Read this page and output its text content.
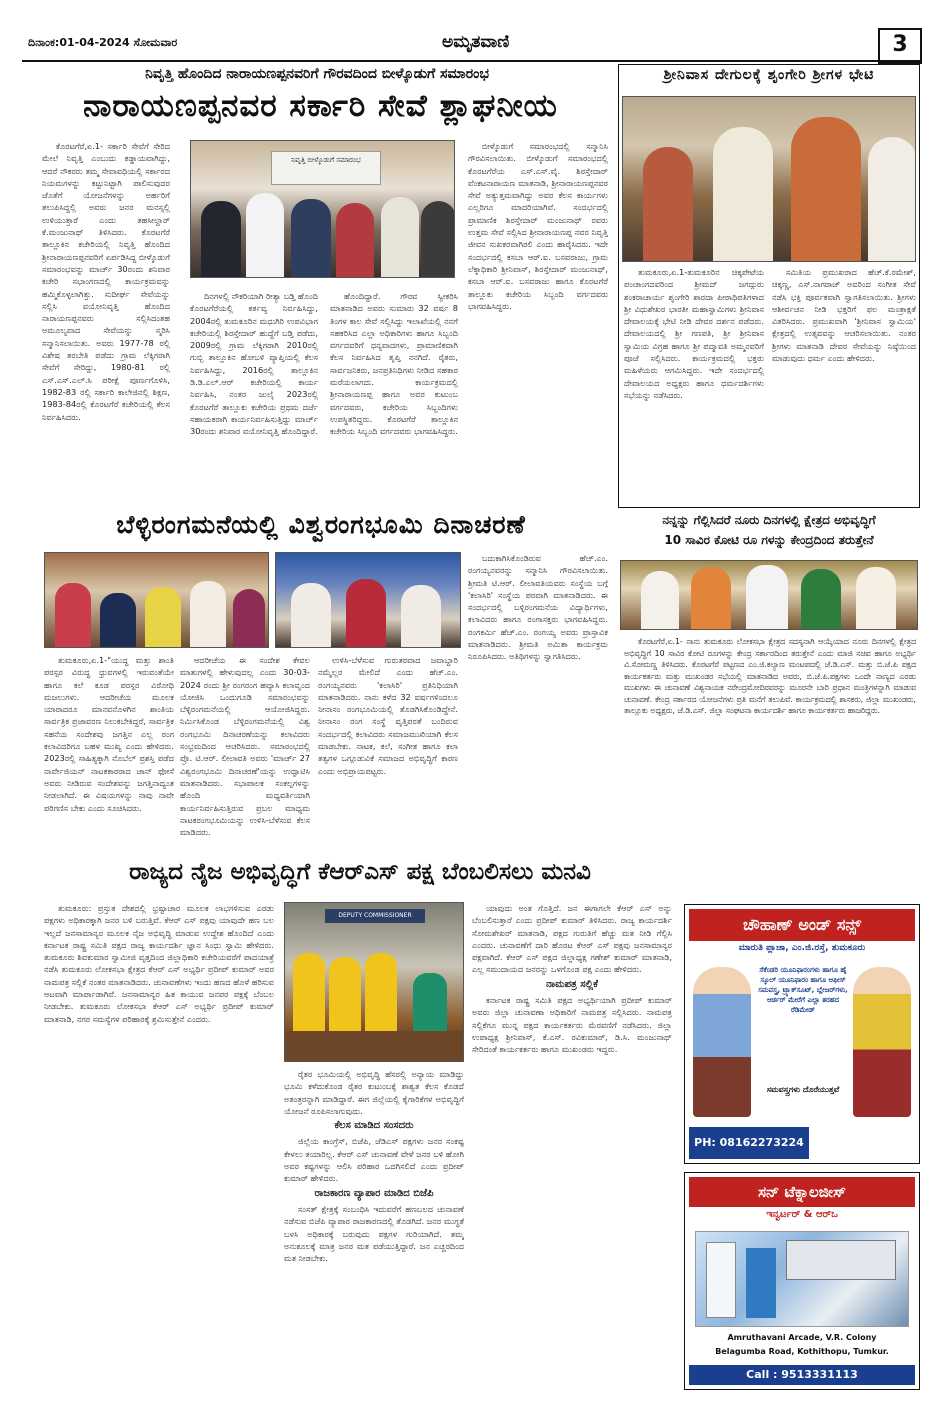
ದಿನಾಂಕ:01-04-2024 ಸೋಮವಾರ	ಅಮೃತವಾಣಿ	3
ನಿವೃತ್ತಿ ಹೊಂದಿದ ನಾರಾಯಣಪ್ಪನವರಿಗೆ ಗೌರವದಿಂದ ಬೀಳ್ಕೊಡುಗೆ ಸಮಾರಂಭ
ನಾರಾಯಣಪ್ಪನವರ ಸರ್ಕಾರಿ ಸೇವೆ ಶ್ಲಾಘನೀಯ

ಕೊರಟಗೆರೆ,ಏ.1- ಸರ್ಕಾರಿ ಸೇವೆಗೆ ಸೇರಿದ ಮೇಲೆ ನಿವೃತ್ತಿ ಎಂಬುದು ಕಡ್ಡಾಯವಾಗಿದ್ದು, ಆದರೆ ನೌಕರರು ತಮ್ಮ ಸೇವಾವಧಿಯಲ್ಲಿ ಸರ್ಕಾರದ ನಿಯಮಗಳನ್ನು ಕಟ್ಟುನಿಟ್ಟಾಗಿ ಪಾಲಿಸುವುದರ ಜೊತೆಗೆ ಯೋಜನೆಗಳನ್ನು ಅರ್ಹರಿಗೆ ತಲುಪಿಸಿದ್ದಲ್ಲಿ ಅವರು ಜನರ ಮನಸ್ಸಲ್ಲಿ ಉಳಿಯುತ್ತಾರೆ ಎಂದು ತಹಸೀಲ್ದಾರ್ ಕೆ.ಮಂಜುನಾಥ್ ತಿಳಿಸಿದರು. ಕೊರಟಗೆರೆ ತಾಲ್ಲೂಕಿನ ಕಚೇರಿಯಲ್ಲಿ ನಿವೃತ್ತಿ ಹೊಂದಿದ ಶ್ರೀನಾರಾಯಣಪ್ಪನವರಿಗೆ ಏರ್ಪಡಿಸಿದ್ದ ಬೀಳ್ಕೊಡುಗೆ ಸಮಾರಂಭವನ್ನು ಮಾರ್ಚ್ 30ರಂದು ಶನಿವಾರ ಕಚೇರಿ ಸಭಾಂಗಣದಲ್ಲಿ ಕಾರ್ಯಕ್ರಮವನ್ನು ಹಮ್ಮಿಕೊಳ್ಳಲಾಗಿತ್ತು. ಸುದೀರ್ಘ ಸೇವೆಯನ್ನು ಸಲ್ಲಿಸಿ ವಯೋನಿವೃತ್ತಿ ಹೊಂದಿದ ನಾರಾಯಣಪ್ಪನವರು ಸಲ್ಲಿಸಿದಂತಹ ಅಮೂಲ್ಯವಾದ ಸೇವೆಯನ್ನು ಸ್ಮರಿಸಿ ಸನ್ಮಾನಿಸಲಾಯಿತು. ಅವರು 1977-78 ರಲ್ಲಿ ವಿಶೇಷ ತರಬೇತಿ ಪಡೆದು ಗ್ರಾಮ ಲೆಕ್ಕಿಗರಾಗಿ ಸೇವೆಗೆ ಸೇರಿದ್ದು, 1980-81 ರಲ್ಲಿ ಎಸ್.ಎಸ್.ಎಲ್.ಸಿ ಪರೀಕ್ಷೆ ಪೂರ್ಣಗೊಳಿಸಿ, 1982-83 ರಲ್ಲಿ ಸರ್ಕಾರಿ ಕಾಲೇಜಿನಲ್ಲಿ ಶಿಕ್ಷಣ, 1983-84ರಲ್ಲಿ ಕೊರಟಗೆರೆ ಕಚೇರಿಯಲ್ಲಿ ಕೆಲಸ ನಿರ್ವಹಿಸಿದರು.

ನಿವೃತ್ತಿ ಬೀಳ್ಕೊಡುಗೆ ಸಮಾರಂಭ

ದಿನಗಳಲ್ಲಿ ನೌಕರಿಯಾಗಿ ರೀತ್ಯಾ ಬಡ್ತಿ ಹೊಂದಿ ಕೊರಟಗೆರೆಯಲ್ಲಿ ಕರ್ತವ್ಯ ನಿರ್ವಹಿಸಿದ್ದು, 2004ರಲ್ಲಿ ತುಮಕೂರಿನ ಮಧುಗಿರಿ ಉಪವಿಭಾಗ ಕಚೇರಿಯಲ್ಲಿ ಶಿರಸ್ತೇದಾರ್ ಹುದ್ದೆಗೆ ಬಡ್ತಿ ಪಡೆದು, 2009ರಲ್ಲಿ ಗ್ರಾಮ ಲೆಕ್ಕಿಗರಾಗಿ 2010ರಲ್ಲಿ ಗುಬ್ಬಿ ತಾಲ್ಲೂಕಿನ ಹೋಬಳಿ ವ್ಯಾಪ್ತಿಯಲ್ಲಿ ಕೆಲಸ ನಿರ್ವಹಿಸಿದ್ದು, 2016ರಲ್ಲಿ ತಾಲ್ಲೂಕಿನ ಡಿ.ಡಿ.ಎಲ್.ಆರ್ ಕಚೇರಿಯಲ್ಲಿ ಕಾರ್ಯ ನಿರ್ವಹಿಸಿ, ನಂತರ ಜುಲೈ 2023ರಲ್ಲಿ ಕೊರಟಗೆರೆ ತಾಲ್ಲೂಕು ಕಚೇರಿಯ ಪ್ರಥಮ ದರ್ಜೆ ಸಹಾಯಕರಾಗಿ ಕಾರ್ಯನಿರ್ವಹಿಸುತ್ತಿದ್ದು ಮಾರ್ಚ್ 30ರಂದು ಶನಿವಾರ ವಯೋನಿವೃತ್ತಿ ಹೊಂದಿದ್ದಾರೆ.

ಹೊಂದಿದ್ದಾರೆ. ಗೌರವ ಸ್ವೀಕರಿಸಿ ಮಾತನಾಡಿದ ಅವರು ಸುಮಾರು 32 ವರ್ಷ 8 ತಿಂಗಳ ಕಾಲ ಸೇವೆ ಸಲ್ಲಿಸಿದ್ದು ಇಲಾಖೆಯಲ್ಲಿ ನನಗೆ ಸಹಕರಿಸಿದ ಎಲ್ಲಾ ಅಧಿಕಾರಿಗಳು ಹಾಗೂ ಸಿಬ್ಬಂದಿ ವರ್ಗದವರಿಗೆ ಧನ್ಯವಾದಗಳು, ಪ್ರಾಮಾಣಿಕವಾಗಿ ಕೆಲಸ ನಿರ್ವಹಿಸಿದ ತೃಪ್ತಿ ನನಗಿದೆ. ರೈತರು, ಸಾರ್ವಜನಿಕರು, ಜನಪ್ರತಿನಿಧಿಗಳು ನೀಡಿದ ಸಹಕಾರ ಮರೆಯಲಾಗದು. ಕಾರ್ಯಕ್ರಮದಲ್ಲಿ ಶ್ರೀನಾರಾಯಣಪ್ಪ ಹಾಗೂ ಅವರ ಕುಟುಂಬ ವರ್ಗದವರು, ಕಚೇರಿಯ ಸಿಬ್ಬಂದಿಗಳು ಉಪಸ್ಥಿತರಿದ್ದರು. ಕೊರಟಗೆರೆ ತಾಲ್ಲೂಕಿನ ಕಚೇರಿಯ ಸಿಬ್ಬಂದಿ ವರ್ಗದವರು ಭಾಗವಹಿಸಿದ್ದರು.

ಬೀಳ್ಕೊಡುಗೆ ಸಮಾರಂಭದಲ್ಲಿ ಸನ್ಮಾನಿಸಿ ಗೌರವಿಸಲಾಯಿತು. ಬೀಳ್ಕೊಡುಗೆ ಸಮಾರಂಭದಲ್ಲಿ ಕೊರಟಗೆರೆಯ ಎಸ್.ಎಸ್.ವೈ. ಶಿರಸ್ತೇದಾರ್ ವೆಂಕಟನಾರಾಯಣ ಮಾತನಾಡಿ, ಶ್ರೀನಾರಾಯಣಪ್ಪನವರ ಸೇವೆ ಅತ್ಯುತ್ತಮವಾಗಿದ್ದು ಅವರ ಕೆಲಸ ಕಾರ್ಯಗಳು ಎಲ್ಲರಿಗೂ ಮಾದರಿಯಾಗಿವೆ. ಸಂದರ್ಭದಲ್ಲಿ ಪ್ರಾಮಾಣಿಕ ಶಿರಸ್ತೇದಾರ್ ಮಂಜುನಾಥ್ ರವರು ಉತ್ತಮ ಸೇವೆ ಸಲ್ಲಿಸಿದ ಶ್ರೀನಾರಾಯಣಪ್ಪ ನವರ ನಿವೃತ್ತಿ ಜೀವನ ಸುಖಕರವಾಗಿರಲಿ ಎಂದು ಹಾರೈಸಿದರು. ಇದೇ ಸಂದರ್ಭದಲ್ಲಿ ಕಸಬಾ ಆರ್.ಐ. ಬಸವರಾಜು, ಗ್ರಾಮ ಲೆಕ್ಕಾಧಿಕಾರಿ ಶ್ರೀನಿವಾಸ್, ಶಿರಸ್ತೇದಾರ್ ಮಂಜುನಾಥ್, ಕಸಬಾ ಆರ್.ಐ. ಬಸವರಾಜು ಹಾಗೂ ಕೊರಟಗೆರೆ ತಾಲ್ಲೂಕು ಕಚೇರಿಯ ಸಿಬ್ಬಂದಿ ವರ್ಗದವರು ಭಾಗವಹಿಸಿದ್ದರು.

ಶ್ರೀನಿವಾಸ ದೇಗುಲಕ್ಕೆ ಶೃಂಗೇರಿ ಶ್ರೀಗಳ ಭೇಟಿ

ತುಮಕೂರು,ಏ.1-ತುಮಕೂರಿನ ಚಿಕ್ಕಪೇಟೆಯ ಪಂಚಾಂಗದವರಿಂದ ಶ್ರೀಮದ್ ಜಗದ್ಗುರು ಶಂಕರಾಚಾರ್ಯ ಶೃಂಗೇರಿ ಶಾರದಾ ಪೀಠಾಧಿಪತಿಗಳಾದ ಶ್ರೀ ವಿಧುಶೇಖರ ಭಾರತೀ ಮಹಾಸ್ವಾಮಿಗಳು ಶ್ರೀನಿವಾಸ ದೇವಾಲಯಕ್ಕೆ ಭೇಟಿ ನೀಡಿ ದೇವರ ದರ್ಶನ ಪಡೆದರು. ದೇವಾಲಯದಲ್ಲಿ ಶ್ರೀ ಗಣಪತಿ, ಶ್ರೀ ಶ್ರೀನಿವಾಸ ಸ್ವಾಮಿಯ ವಿಗ್ರಹ ಹಾಗೂ ಶ್ರೀ ಪದ್ಮಾವತಿ ಅಮ್ಮನವರಿಗೆ ಪೂಜೆ ಸಲ್ಲಿಸಿದರು. ಕಾರ್ಯಕ್ರಮದಲ್ಲಿ ಭಕ್ತರು ಮಹಿಳೆಯರು ಆಗಮಿಸಿದ್ದರು. ಇದೇ ಸಂದರ್ಭದಲ್ಲಿ ದೇವಾಲಯದ ಅಧ್ಯಕ್ಷರು ಹಾಗೂ ಧರ್ಮದರ್ಶಿಗಳು ಸಭೆಯನ್ನು ನಡೆಸಿದರು.

ಸಮಿತಿಯ ಪ್ರಮುಖರಾದ ಹೆಚ್.ಕೆ.ರಮೇಶ್, ಚಿಕ್ಕಣ್ಣ, ಎಸ್.ನಾಗರಾಜ್ ಅವರಿಂದ ಸಂಗೀತ ಸೇವೆ ನಡೆಸಿ ಭಕ್ತಿ ಪೂರ್ವಕವಾಗಿ ಸ್ವಾಗತಿಸಲಾಯಿತು. ಶ್ರೀಗಳು ಆಶೀರ್ವಚನ ನೀಡಿ ಭಕ್ತರಿಗೆ ಫಲ ಮಂತ್ರಾಕ್ಷತೆ ವಿತರಿಸಿದರು. ಪ್ರಮುಖವಾಗಿ 'ಶ್ರೀನಿವಾಸ ಸ್ವಾಮಿಯ' ಕ್ಷೇತ್ರದಲ್ಲಿ ಉತ್ಸವವನ್ನು ಆಚರಿಸಲಾಯಿತು. ನಂತರ ಶ್ರೀಗಳು ಮಾತನಾಡಿ ದೇವರ ಸೇವೆಯನ್ನು ನಿಷ್ಠೆಯಿಂದ ಮಾಡುವುದು ಧರ್ಮ ಎಂದು ಹೇಳಿದರು.

ನನ್ನನ್ನು ಗೆಲ್ಲಿಸಿದರೆ ನೂರು ದಿನಗಳಲ್ಲಿ ಕ್ಷೇತ್ರದ ಅಭಿವೃದ್ಧಿಗೆ
10 ಸಾವಿರ ಕೋಟಿ ರೂ ಗಳನ್ನು ಕೇಂದ್ರದಿಂದ ತರುತ್ತೇನೆ

ಕೊರಟಗೆರೆ,ಏ.1- ನಾನು ತುಮಕೂರು ಲೋಕಸಭಾ ಕ್ಷೇತ್ರದ ಸದಸ್ಯನಾಗಿ ಆಯ್ಕೆಯಾದ ನೂರು ದಿನಗಳಲ್ಲಿ ಕ್ಷೇತ್ರದ ಅಭಿವೃದ್ಧಿಗೆ 10 ಸಾವಿರ ಕೋಟಿ ರೂಗಳನ್ನು ಕೇಂದ್ರ ಸರ್ಕಾರದಿಂದ ತರುತ್ತೇನೆ ಎಂದು ಮಾಜಿ ಸಚಿವ ಹಾಗೂ ಅಭ್ಯರ್ಥಿ ವಿ.ಸೋಮಣ್ಣ ತಿಳಿಸಿದರು. ಕೊರಟಗೆರೆ ಪಟ್ಟಣದ ಎಂ.ಜಿ.ಕಲ್ಯಾಣ ಮಂಟಪದಲ್ಲಿ ಜೆ.ಡಿ.ಎಸ್. ಮತ್ತು ಬಿ.ಜೆ.ಪಿ ಪಕ್ಷದ ಕಾರ್ಯಕರ್ತರು ಮತ್ತು ಮುಖಂಡರ ಸಭೆಯಲ್ಲಿ ಮಾತನಾಡಿದ ಅವರು, ಬಿ.ಜೆ.ಪಿ.ಪಕ್ಷಗಳು ಒಂದೇ ನಾಣ್ಯದ ಎರಡು ಮುಖಗಳು ಈ ಚುನಾವಣೆ ವಿಶ್ವನಾಯಕ ನರೇಂದ್ರಮೋದಿರವರನ್ನು ಮೂರನೇ ಬಾರಿ ಪ್ರಧಾನ ಮಂತ್ರಿಗಳನ್ನಾಗಿ ಮಾಡುವ ಚುನಾವಣೆ. ಕೇಂದ್ರ ಸರ್ಕಾರದ ಯೋಜನೆಗಳು ಪ್ರತಿ ಮನೆಗೆ ತಲುಪಿವೆ. ಕಾರ್ಯಕ್ರಮದಲ್ಲಿ ಶಾಸಕರು, ಜಿಲ್ಲಾ ಮುಖಂಡರು, ತಾಲ್ಲೂಕು ಅಧ್ಯಕ್ಷರು, ಜೆ.ಡಿ.ಎಸ್. ಜಿಲ್ಲಾ ಸಂಘಟನಾ ಕಾರ್ಯದರ್ಶಿ ಹಾಗೂ ಕಾರ್ಯಕರ್ತರು ಹಾಜರಿದ್ದರು.

ಬೆಳ್ಳಿರಂಗಮನೆಯಲ್ಲಿ ವಿಶ್ವರಂಗಭೂಮಿ ದಿನಾಚರಣೆ

ತುಮಕೂರು,ಏ.1-"ಯುದ್ಧ ಮತ್ತು ಶಾಂತಿ ಪರಸ್ಪರ ವಿರುದ್ಧ ಧ್ರುವಗಳಲ್ಲಿ ಇರುವಂತೆಯೇ ಹಾಗೂ ಕಲೆ ಕೂಡ ಪರಸ್ಪರ ವಿರೋಧಿ ಮಜಲುಗಳು. ಆದರೀಚೆಯ ಮೂಲಕ ಯಾರಾದರೂ ಮಾನವನೊಳಗಿನ ಶಾಂತಿಯ ಸಾರ್ವತ್ರಿಕ ಪ್ರಜಾವರಣ ನಿಲುಕಬೇಕಿದ್ದರೆ, ಸಾರ್ವತ್ರಿಕ ಸಹನೆಯ ಸಂದೇಶವು ಜಗತ್ತಿನ ಎಲ್ಲ ರಂಗ ಕಲಾವಿದರಿಗೂ ಬಹಳ ಮುಖ್ಯ ಎಂದು ಹೇಳಿದರು. 2023ರಲ್ಲಿ ಸಾಹಿತ್ಯಕ್ಕಾಗಿ ನೊಬೆಲ್ ಪ್ರಶಸ್ತಿ ಪಡೆದ ನಾರ್ವೇಜಿಯನ್ ನಾಟಕಕಾರರಾದ ಜಾನ್ ಫೋಸೆ ಅವರು ನೀಡಿರುವ ಸಂದೇಶವನ್ನು ಜಗತ್ತಿನಾದ್ಯಂತ ನೀಡಲಾಗಿದೆ. ಈ ವಿಷಯಗಳನ್ನು ನಾವು ನಾವೇ ಪರಿಗಣಿಸ ಬೇಕು ಎಂದು ಸೂಚಿಸಿದರು.

ಆದರೀಚೆಯ ಈ ಸಂದೇಶ ಕೇವಲ ಮಾತುಗಳಲ್ಲಿ ಹೇಳುವುದಲ್ಲ ಎಂದು 30-03-2024 ರಂದು ಶ್ರೀ ರಂಗರಂಗ ಹವ್ಯಾಸಿ ಕಲಾವೃಂದ ಯೋಜಿಸಿ ಒಂದುಗೂಡಿ ಸಮಾರಂಭವನ್ನು ಬೆಳ್ಳಿರಂಗಮನೆಯಲ್ಲಿ ಆಯೋಜಿಸಿದ್ದರು. ನಿರ್ಮಿಸಿಕೊಂಡ ಬೆಳ್ಳಿರಂಗಮನೆಯಲ್ಲಿ ವಿಶ್ವ ರಂಗಭೂಮಿ ದಿನಾಚರಣೆಯನ್ನು ಕಲಾವಿದರು ಸಂಭ್ರಮದಿಂದ ಆಚರಿಸಿದರು. ಸಮಾರಂಭದಲ್ಲಿ ಪ್ರೊ. ಟಿ.ಆರ್. ಲೀಲಾವತಿ ಅವರು 'ಮಾರ್ಚ್ 27 ವಿಶ್ವರಂಗಭೂಮಿ ದಿನಾಚರಣೆ'ಯನ್ನು ಉದ್ಘಾಟಿಸಿ ಮಾತನಾಡಿದರು. ಸಭಾಪಾಲಕ ಸಂಕಲ್ಪಗಳನ್ನು ಹೊಂದಿ ಮಧ್ಯವರ್ತಿಯಾಗಿ ಕಾರ್ಯನಿರ್ವಹಿಸುತ್ತಿರುವ ಪ್ರಬಲ ಮಾಧ್ಯಮ ನಾಟಕರಂಗಭೂಮಿಯನ್ನು ಉಳಿಸಿ-ಬೆಳೆಸುವ ಕೆಲಸ ಮಾಡಿದರು.

ಉಳಿಸಿ-ಬೆಳೆಸುವ ಗುರುತರವಾದ ಜವಾಬ್ದಾರಿ ನಮ್ಮೆಲ್ಲರ ಮೇಲಿದೆ ಎಂದು ಹೆಚ್.ಎಂ. ರಂಗಯ್ಯನವರು 'ಕಲಾಸಿರಿ' ಪ್ರತಿನಿಧಿಯಾಗಿ ಮಾತನಾಡಿದರು. ನಾನು ಕಳೆದ 32 ವರ್ಷಗಳಿಂದಲೂ ನೀನಾಸಂ ರಂಗಭೂಮಿಯಲ್ಲಿ ತೊಡಗಿಸಿಕೊಂಡಿದ್ದೇನೆ. ನೀನಾಸಂ ರಂಗ ಸಂಸ್ಥೆ ವೃತ್ತಿಪರತೆ ಬಂದಿರುವ ಸಂದರ್ಭದಲ್ಲಿ ಕಲಾವಿದರು ಸಮಾಜಮುಖಿಯಾಗಿ ಕೆಲಸ ಮಾಡಬೇಕು. ನಾಟಕ, ಕಲೆ, ಸಂಗೀತ ಹಾಗೂ ಕಲಾ ತತ್ವಗಳ ಒಗ್ಗೂಡುವಿಕೆ ಸಮಾಜದ ಅಭಿವೃದ್ಧಿಗೆ ಕಾರಣ ಎಂದು ಅಭಿಪ್ರಾಯಪಟ್ಟರು.

ಬದುಕಾಗಿಸಿಕೊಂಡಿರುವ ಹೆಚ್.ಎಂ. ರಂಗಯ್ಯನವರನ್ನು ಸನ್ಮಾನಿಸಿ ಗೌರವಿಸಲಾಯಿತು. ಶ್ರೀಮತಿ ಟಿ.ಆರ್. ಲೀಲಾವತಿಯವರು ಸಂಸ್ಥೆಯ ಬಗ್ಗೆ 'ಕಲಾಸಿರಿ' ಸಂಸ್ಥೆಯ ಪರವಾಗಿ ಮಾತನಾಡಿದರು. ಈ ಸಂದರ್ಭದಲ್ಲಿ ಬಳ್ಳಿರಂಗಮನೆಯ ವಿದ್ಯಾರ್ಥಿಗಳು, ಕಲಾವಿದರು ಹಾಗೂ ರಂಗಾಸಕ್ತರು ಭಾಗವಹಿಸಿದ್ದರು. ರಂಗಕರ್ಮಿ ಹೆಚ್.ಎಂ. ರಂಗಯ್ಯ ಅವರು ಪ್ರಾಸ್ತಾವಿಕ ಮಾತನಾಡಿದರು. ಶ್ರೀಮತಿ ಅಮಿತಾ ಕಾರ್ಯಕ್ರಮ ನಿರೂಪಿಸಿದರು. ಅತಿಥಿಗಳನ್ನು ಸ್ವಾಗತಿಸಿದರು.

ರಾಜ್ಯದ ನೈಜ ಅಭಿವೃದ್ಧಿಗೆ ಕೆಆರ್‌ಎಸ್ ಪಕ್ಷ ಬೆಂಬಲಿಸಲು ಮನವಿ

ತುಮಕೂರು: ಪ್ರಸ್ತುತ ದೇಶದಲ್ಲಿ ಭ್ರಷ್ಟಾಚಾರ ಮೂಲಕ ಲಾಭಗಳಿಸುವ ಎರಡು ಪಕ್ಷಗಳು ಅಧಿಕಾರಕ್ಕಾಗಿ ಜನರ ಬಳಿ ಬರುತ್ತಿವೆ. ಕೆಆರ್ ಎಸ್ ಪಕ್ಷವು ಯಾವುದೇ ಹಣ ಬಲ ಇಲ್ಲದೆ ಜನಸಾಮಾನ್ಯರ ಮೂಲಕ ನೈಜ ಅಭಿವೃದ್ಧಿ ಮಾಡುವ ಉದ್ದೇಶ ಹೊಂದಿದೆ ಎಂದು ಕರ್ನಾಟಕ ರಾಷ್ಟ್ರ ಸಮಿತಿ ಪಕ್ಷದ ರಾಜ್ಯ ಕಾರ್ಯದರ್ಶಿ ಜ್ಞಾನ ಸಿಂಧು ಸ್ವಾಮಿ ಹೇಳಿದರು. ತುಮಕೂರು ಶಿವಕುಮಾರ ಸ್ವಾಮೀಜಿ ವೃತ್ತದಿಂದ ಜಿಲ್ಲಾಧಿಕಾರಿ ಕಚೇರಿಯವರೆಗೆ ಪಾದಯಾತ್ರೆ ನಡೆಸಿ ತುಮಕೂರು ಲೋಕಸಭಾ ಕ್ಷೇತ್ರದ ಕೆಆರ್ ಎಸ್ ಅಭ್ಯರ್ಥಿ ಪ್ರದೀಪ್ ಕುಮಾರ್ ಅವರ ನಾಮಪತ್ರ ಸಲ್ಲಿಕೆ ನಂತರ ಮಾತನಾಡಿದರು. ಚುನಾವಣೆಗಳು ಇಂದು ಹಣದ ಹೊಳೆ ಹರಿಸುವ ಆಟವಾಗಿ ಮಾರ್ಪಾಡಾಗಿವೆ. ಜನಸಾಮಾನ್ಯರ ಹಿತ ಕಾಯುವ ಜನಪರ ಪಕ್ಷಕ್ಕೆ ಬೆಂಬಲ ನೀಡಬೇಕು. ತುಮಕೂರು ಲೋಕಸಭಾ ಕೆಆರ್ ಎಸ್ ಅಭ್ಯರ್ಥಿ ಪ್ರದೀಪ್ ಕುಮಾರ್ ಮಾತನಾಡಿ, ನಗರ ಸಮಸ್ಯೆಗಳ ಪರಿಹಾರಕ್ಕೆ ಶ್ರಮಿಸುತ್ತೇನೆ ಎಂದರು.

DEPUTY COMMISSIONER

ರೈತರ ಭೂಮಿಯಲ್ಲಿ ಅಭಿವೃದ್ಧಿ ಹೆಸರಲ್ಲಿ ಅನ್ಯಾಯ ಮಾಡಿದ್ದು ಭೂಮಿ ಕಳೆದುಕೊಂಡ ರೈತರ ಕುಟುಂಬಕ್ಕೆ ಶಾಶ್ವತ ಕೆಲಸ ಕೊಡದೆ ಅತಂತ್ರರನ್ನಾಗಿ ಮಾಡಿದ್ದಾರೆ. ಈಗ ಜಿಲ್ಲೆಯಲ್ಲಿ ಕೈಗಾರಿಕೆಗಳ ಅಭಿವೃದ್ಧಿಗೆ ಯೋಜನೆ ರೂಪಿಸಲಾಗುವುದು.

ಕೆಲಸ ಮಾಡಿದ ಸಂಸದರು

ಜಿಲ್ಲೆಯ ಕಾಂಗ್ರೆಸ್, ಬಿಜೆಪಿ, ಜೆಡಿಎಸ್ ಪಕ್ಷಗಳು ಜನರ ಸಂಕಷ್ಟ ಕೇಳಲು ತಯಾರಿಲ್ಲ. ಕೆಆರ್ ಎಸ್ ಚುನಾವಣೆ ವೇಳೆ ಜನರ ಬಳಿ ಹೋಗಿ ಅವರ ಕಷ್ಟಗಳನ್ನು ಆಲಿಸಿ ಪರಿಹಾರ ಒದಗಿಸಲಿದೆ ಎಂದು ಪ್ರದೀಪ್ ಕುಮಾರ್ ಹೇಳಿದರು.

ರಾಜಕಾರಣ ವ್ಯಾಪಾರ ಮಾಡಿದ ಬಿಜೆಪಿ

ಸಂಸತ್ ಕ್ಷೇತ್ರಕ್ಕೆ ಸಂಬಂಧಿಸಿ ಇದುವರೆಗೆ ಹಣಬಲದ ಚುನಾವಣೆ ನಡೆಸುವ ಬಿಜೆಪಿ ವ್ಯಾಪಾರ ರಾಜಕಾರಣದಲ್ಲಿ ತೊಡಗಿದೆ. ಜನರ ಮುಗ್ಧತೆ ಬಳಸಿ ಅಧಿಕಾರಕ್ಕೆ ಬರುವುದು ಪಕ್ಷಗಳ ಗುರಿಯಾಗಿದೆ. ತಮ್ಮ ಅನುಕೂಲಕ್ಕೆ ಮಾತ್ರ ಜನರ ಮತ ಪಡೆಯುತ್ತಿದ್ದಾರೆ. ಜನ ಎಚ್ಚರದಿಂದ ಮತ ನೀಡಬೇಕು.

ಯಾವುದು ಅಂತ ಗೊತ್ತಿದೆ. ಜನ ಈಗಾಗಲೇ ಕೆಆರ್ ಎಸ್ ಅನ್ನು ಬೆಂಬಲಿಸುತ್ತಾರೆ ಎಂದು ಪ್ರದೀಪ್ ಕುಮಾರ್ ತಿಳಿಸಿದರು. ರಾಜ್ಯ ಕಾರ್ಯದರ್ಶಿ ಸೋಮಶೇಖರ್ ಮಾತನಾಡಿ, ಪಕ್ಷದ ಗುರುತಿಗೆ ಹೆಚ್ಚು ಮತ ನೀಡಿ ಗೆಲ್ಲಿಸಿ ಎಂದರು. ಚುನಾವಣೆಗೆ ದಾರಿ ಹೊರಟ ಕೆಆರ್ ಎಸ್ ಪಕ್ಷವು ಜನಸಾಮಾನ್ಯರ ಪಕ್ಷವಾಗಿದೆ. ಕೆಆರ್ ಎಸ್ ಪಕ್ಷದ ಜಿಲ್ಲಾಧ್ಯಕ್ಷ ಗಣೇಶ್ ಕುಮಾರ್ ಮಾತನಾಡಿ, ಎಲ್ಲ ಸಮುದಾಯದ ಜನರನ್ನು ಒಳಗೊಂಡ ಪಕ್ಷ ಎಂದು ಹೇಳಿದರು.

ನಾಮಪತ್ರ ಸಲ್ಲಿಕೆ

ಕರ್ನಾಟಕ ರಾಷ್ಟ್ರ ಸಮಿತಿ ಪಕ್ಷದ ಅಭ್ಯರ್ಥಿಯಾಗಿ ಪ್ರದೀಪ್ ಕುಮಾರ್ ಅವರು ಜಿಲ್ಲಾ ಚುನಾವಣಾ ಅಧಿಕಾರಿಗೆ ನಾಮಪತ್ರ ಸಲ್ಲಿಸಿದರು. ನಾಮಪತ್ರ ಸಲ್ಲಿಕೆಗೂ ಮುನ್ನ ಪಕ್ಷದ ಕಾರ್ಯಕರ್ತರು ಮೆರವಣಿಗೆ ನಡೆಸಿದರು. ಜಿಲ್ಲಾ ಉಪಾಧ್ಯಕ್ಷ ಶ್ರೀನಿವಾಸ್, ಕೆ.ಎಸ್. ರವಿಕುಮಾರ್, ಡಿ.ಸಿ. ಮಂಜುನಾಥ್ ಸೇರಿದಂತೆ ಕಾರ್ಯಕರ್ತರು ಹಾಗೂ ಮುಖಂಡರು ಇದ್ದರು.

ಚೌಹಾಣ್ ಅಂಡ್ ಸನ್ಸ್
ಮಾರುತಿ ಪ್ಲಾಜಾ, ಎಂ.ಜಿ.ರಸ್ತೆ, ತುಮಕೂರು
ಸೆಕೆಂಡರಿ ಯೂನಿಫಾರಂಗಳು ಹಾಗೂ ಹೈ ಸ್ಕೂಲ್ ಯೂನಿಫಾರಂ ಹಾಗೂ ಆಫೀಸ್ ಸಮವಸ್ತ್ರ, ಟ್ರ್ಯಾಕ್‌ಸೂಟ್, ಬ್ಲೇಜರ್‌ಗಳು, ಆರ್ಡರ್ ಮೇರೆಗೆ ಎಲ್ಲಾ ತರಹದ ರೆಡಿಮೇಡ್
ಸಮವಸ್ತ್ರಗಳು ದೊರೆಯುತ್ತವೆ
PH: 08162273224
ಸನ್ ಟೆಕ್ನಾಲಜೀಸ್
ಇನ್ವರ್ಟರ್ & ಆರ್‌ಒ
Amruthavani Arcade, V.R. Colony
Belagumba Road, Kothithopu, Tumkur.
Call : 9513331113
